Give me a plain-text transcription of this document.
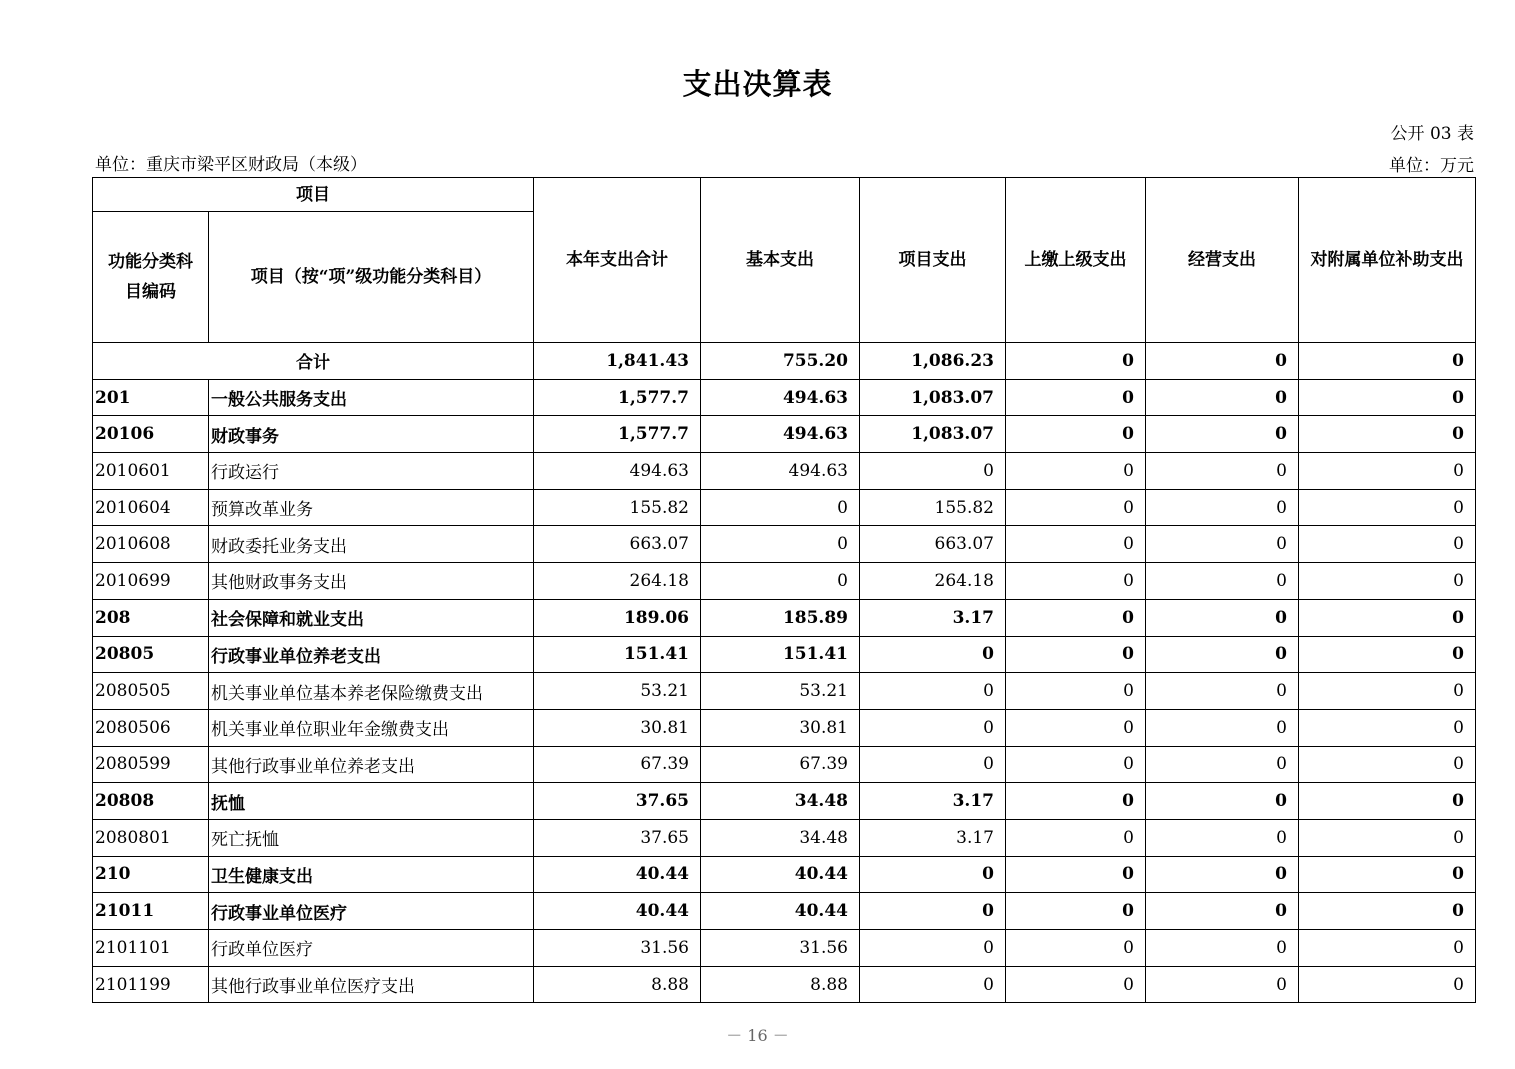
支出决算表
公开 03 表
单位：重庆市梁平区财政局（本级）	单位：万元
项目		本年支出合计	基本支出	项目支出	上缴上级支出	经营支出	对附属单位补助支出
功能分类科目编码	项目（按“项”级功能分类科目）						
合计		1,841.43	755.20	1,086.23	0	0	0
201	一般公共服务支出	1,577.7	494.63	1,083.07	0	0	0
20106	财政事务	1,577.7	494.63	1,083.07	0	0	0
2010601	行政运行	494.63	494.63	0	0	0	0
2010604	预算改革业务	155.82	0	155.82	0	0	0
2010608	财政委托业务支出	663.07	0	663.07	0	0	0
2010699	其他财政事务支出	264.18	0	264.18	0	0	0
208	社会保障和就业支出	189.06	185.89	3.17	0	0	0
20805	行政事业单位养老支出	151.41	151.41	0	0	0	0
2080505	机关事业单位基本养老保险缴费支出	53.21	53.21	0	0	0	0
2080506	机关事业单位职业年金缴费支出	30.81	30.81	0	0	0	0
2080599	其他行政事业单位养老支出	67.39	67.39	0	0	0	0
20808	抚恤	37.65	34.48	3.17	0	0	0
2080801	死亡抚恤	37.65	34.48	3.17	0	0	0
210	卫生健康支出	40.44	40.44	0	0	0	0
21011	行政事业单位医疗	40.44	40.44	0	0	0	0
2101101	行政单位医疗	31.56	31.56	0	0	0	0
2101199	其他行政事业单位医疗支出	8.88	8.88	0	0	0	0
－ 16 －
